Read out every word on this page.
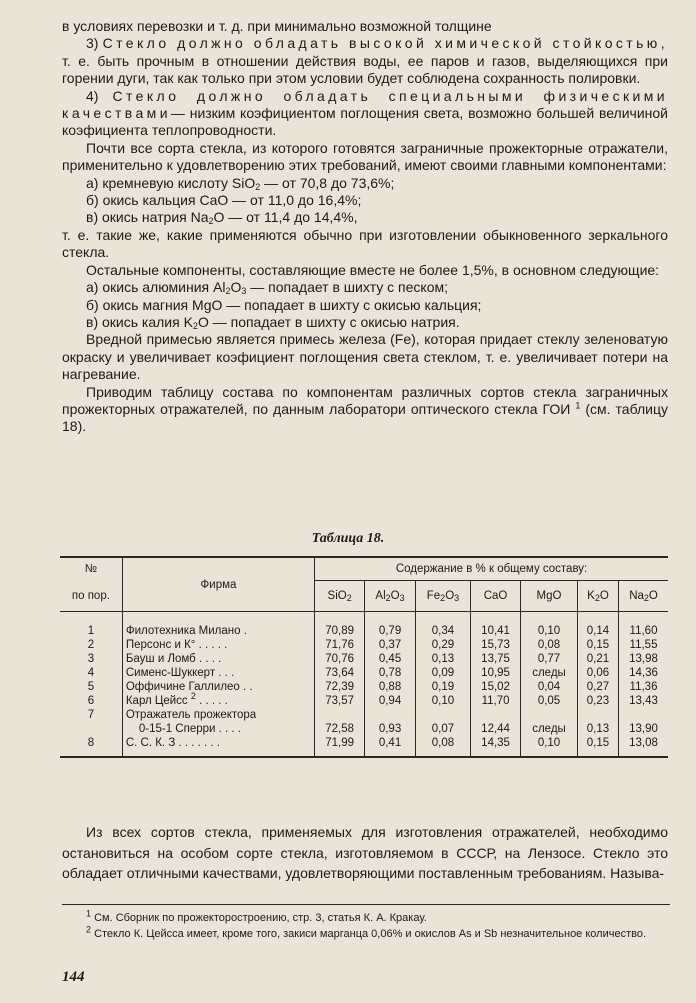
в условиях перевозки и т. д. при минимально возможной толщине

3) Стекло должно обладать высокой химической стойкостью, т. е. быть прочным в отношении действия воды, ее паров и газов, выделяющихся при горении дуги, так как только при этом условии будет соблюдена сохранность полировки.

4) Стекло должно обладать специальными физическими качествами— низким коэфициентом поглощения света, возможно большей величиной коэфициента теплопроводности.

Почти все сорта стекла, из которого готовятся заграничные прожекторные отражатели, применительно к удовлетворению этих требований, имеют своими главными компонентами:

а) кремневую кислоту SiO$_2$ — от 70,8 до 73,6%;

б) окись кальция CaO — от 11,0 до 16,4%;

в) окись натрия $Na_2O$ — от 11,4 до 14,4%,

т. е. такие же, какие применяются обычно при изготовлении обыкновенного зеркального стекла.

Остальные компоненты, составляющие вместе не более 1,5%, в основном следующие:

а) окись алюминия $Al_2O_3$ — попадает в шихту с песком;

б) окись магния MgO — попадает в шихту с окисью кальция;

в) окись калия $K_2O$ — попадает в шихту с окисью натрия.

Вредной примесью является примесь железа (Fe), которая придает стеклу зеленоватую окраску и увеличивает коэфициент поглощения света стеклом, т. е. увеличивает потери на нагревание.

Приводим таблицу состава по компонентам различных сортов стекла заграничных прожекторных отражателей, по данным лаборатори оптического стекла ГОИ $^1$ (см. таблицу 18).

Таблица 18.
№	Фирма	Содержание в % к общему составу:						
по пор.		SiO$_2$	$Al_2O_3$	$Fe_2O_3$	CaO	MgO	$K_2O$	$Na_2O$
1	Филотехника Милано .	70,89	0,79	0,34	10,41	0,10	0,14	11,60
2	Персонс и К° . . . . .	71,76	0,37	0,29	15,73	0,08	0,15	11,55
3	Бауш и Ломб . . . .	70,76	0,45	0,13	13,75	0,77	0,21	13,98
4	Сименс-Шуккерт . . .	73,64	0,78	0,09	10,95	следы	0,06	14,36
5	Оффичине Галлилео . .	72,39	0,88	0,19	15,02	0,04	0,27	11,36
6	Карл Цейсс $^2$ . . . . .	73,57	0,94	0,10	11,70	0,05	0,23	13,43
7	Отражатель прожектора							
	0-15-1 Сперри . . . .	72,58	0,93	0,07	12,44	следы	0,13	13,90
8	С. С. К. З . . . . . . .	71,99	0,41	0,08	14,35	0,10	0,15	13,08

Из всех сортов стекла, применяемых для изготовления отражателей, необходимо остановиться на особом сорте стекла, изготовляемом в СССР, на Лензосе. Стекло это обладает отличными качествами, удовлетворяющими поставленным требованиям. Называ-

$^1$ См. Сборник по прожектоpостроению, стр. 3, статья К. А. Кракау.

$^2$ Стекло К. Цейсса имеет, кроме того, закиси марганца 0,06% и окислов As и Sb незначительное количество.

144
